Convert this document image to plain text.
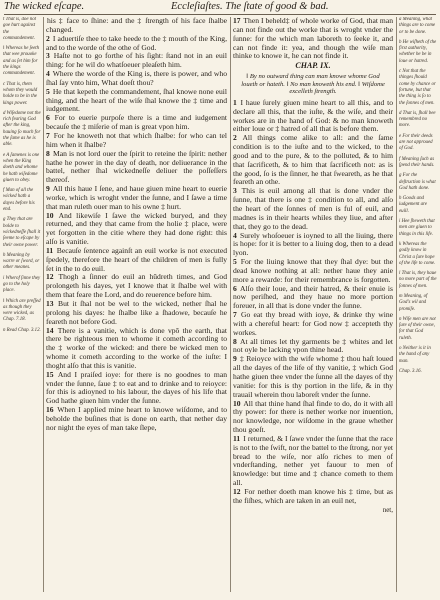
The wicked eſcape.	Eccleſiaſtes. The ſtate of good & bad.

t That is, doe not goe hurt against the commandement.

‖ Whereas he ſeeth that wee prouoke and as ſet him for the kings commandement.

c That is, them whom they would holde to be in the kings power.

d Wiſedome not the rich fearing God after the king, hauing ſo much for the ſame as he is able.

e A ſamenes is one when the King doeth and whome he hath wiſedome giuen to obey.

f Man of all the wicked hath a dayes before his end.

g They that are bolde to wickedneſſe ſhall it ſeeme to eſcape by their owne power.

h Meaning by warre or ſword, or other meanes.

i Wherof ſinne they go to the holy place.

‖ Which are preſſed as though they were wicked, as Chap. 7.18.

n Read Chap. 3.12.

his ‡ face to ſhine: and the ‡ ſtrength of his face ſhalbe changed.

2 I aduertiſe thee to take heede to the ‡ mouth of the King, and to the worde of the othe of God.

3 Haſte not to go forthe of his ſight: ſtand not in an euil thing: for he wil do whatſoeuer pleaſeth him.

4 Where the worde of the King is, there is power, and who ſhal ſay vnto him, What doeſt thou?

5 He that kepeth the commandement, ſhal knowe none euil thing, and the heart of the wiſe ſhal knowe the ‡ time and iudgement.

6 For to euerie purpoſe there is a time and iudgement becauſe the ‡ miſerie of man is great vpon him.

7 For he knoweth not that which ſhalbe: for who can tel him when it ſhalbe?

8 Man is not lord ouer the ſpirit to reteine the ſpirit: nether hathe he power in the day of death, nor deliuerance in the battel, nether ſhal wickedneſſe deliuer the poſſeſſers thereof.

9 All this haue I ſene, and haue giuen mine heart to euerie worke, which is wroght vnder the ſunne, and I ſawe a time that man ruleth ouer man to his owne ‡ hurt.

10 And likewiſe I ſawe the wicked buryed, and they returned, and they that came from the holie ‡ place, were yet forgotten in the citie where they had done right: this alſo is vanitie.

11 Becauſe ſentence againſt an euil worke is not executed ſpedely, therefore the heart of the children of men is fully ſet in the to do euil.

12 Thogh a ſinner do euil an hūdreth times, and God prolongeth his dayes, yet I knowe that it ſhalbe wel with them that feare the Lord, and do reuerence before him.

13 But it ſhal not be wel to the wicked, nether ſhal he prolong his dayes: he ſhalbe like a ſhadowe, becauſe he feareth not before God.

14 There is a vanitie, which is done vpō the earth, that there be righteous men to whome it cometh according to the ‡ worke of the wicked: and there be wicked men to whome it cometh according to the worke of the iuſte: I thoght alſo that this is vanitie.

15 And I praiſed ioye: for there is no goodnes to man vnder the ſunne, ſaue ‡ to eat and to drinke and to reioyce: for this is adioyned to his labour, the dayes of his life that God hathe giuen him vnder the ſunne.

16 When I applied mine heart to knowe wiſdome, and to beholde the buſines that is done on earth, that nether day nor night the eyes of man take ſlepe,

17 Then I beheld‡ of whole worke of God, that man can not finde out the worke that is wroght vnder the ſunne: for the which man laboreth to ſeeke it, and can not finde it: yea, and though the wiſe man thinke to knowe it, he can not finde it.

CHAP. IX.
‖ By no outward thing can man knowe whome God loueth or hateth. ‖ No man knoweth his end. ‖ Wiſdome excelleth ſtrength.

1 I haue ſurely giuen mine heart to all this, and to declare all this, that the iuſte, & the wiſe, and their workes are in the hand of God: & no man knoweth either loue or ‡ hatred of all that is before them.

2 All things come alike to all: and the ſame condition is to the iuſte and to the wicked, to the good and to the pure, & to the polluted, & to him that ſacrificeth, & to him that ſacrificeth not: as is the good, ſo is the ſinner, he that ſweareth, as he that feareth an othe.

3 This is euil among all that is done vnder the ſunne, that there is one ‡ condition to all, and alſo the heart of the ſonnes of men is ful of euil, and madnes is in their hearts whiles they liue, and after that, they go to the dead.

4 Surely whoſoeuer is ioyned to all the liuing, there is hope: for it is better to a liuing dog, then to a dead lyon.

5 For the liuing knowe that they ſhal dye: but the dead knowe nothing at all: nether haue they anie more a rewarde: for their remembrance is forgotten.

6 Alſo their loue, and their hatred, & their enuie is now periſhed, and they haue no more portion foreuer, in all that is done vnder the ſunne.

7 Go eat thy bread with ioye, & drinke thy wine with a chereful heart: for God now ‡ accepteth thy workes.

8 At all times let thy garments be ‡ whites and let not oyle be lacking vpon thine head.

9 ‡ Reioyce with the wife whome ‡ thou haſt loued all the dayes of the life of thy vanitie, ‡ which God hathe giuen thee vnder the ſunne all the dayes of thy vanitie: for this is thy portion in the life, & in thy trauail wherein thou laboreſt vnder the ſunne.

10 All that thine hand ſhal finde to do, do it with all thy power: for there is nether worke nor inuention, nor knowledge, nor wiſdome in the graue whether thou goeſt.

11 I returned, & I ſawe vnder the ſunne that the race is not to the ſwift, nor the battel to the ſtrong, nor yet bread to the wiſe, nor alſo riches to men of vnderſtanding, nether yet fauour to men of knowledge: but time and ‡ chance cometh to them all.

12 For nether doeth man knowe his ‡ time, but as the fiſhes, which are taken in an euil net,

net,

a Meaning, what things are to come or to be done.

b He wiſheth of the first authority, whether he be in loue or hatred.

c Not that the thinges ſhould come by chance or fortune, but that the thing is ſo to the ſonnes of men.

d That is, ſhall bee remembred no more.

e For their deeds are not approued of God.

f Meaning ſuch as ſpend their hands.

g For the deſtruction is what God hath done.

h Goods and iudgement are euill.

i Hee ſheweth that men are giuen to things in this life.

k Whereas the godly know in Christ a ſure hope of the life to come.

l That is, they haue no more part of the ſonnes of men.

m Meaning, of God's wil and promiſe.

n Wiſe men are not ſure of their owne, for that God ruleth.

o Neither is it in the hand of any man.

Chap. 3.16.
